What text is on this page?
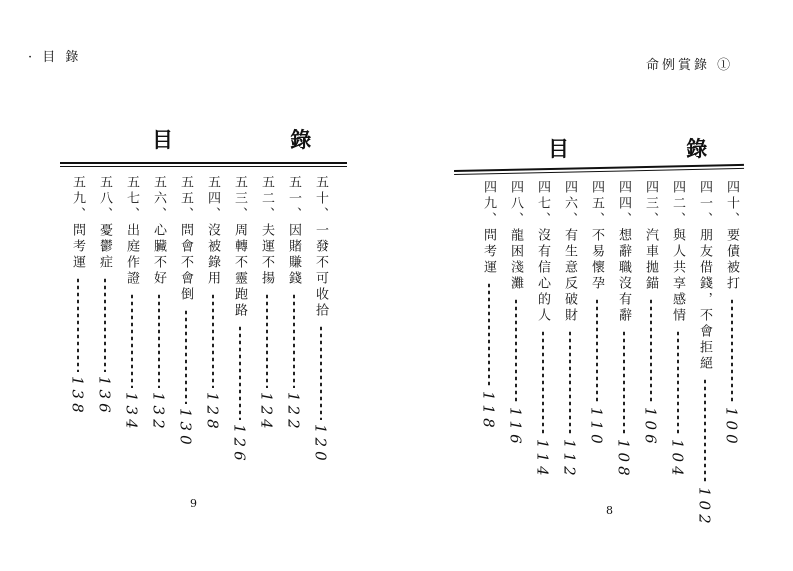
· 目 錄
目 錄
五十、一發不可收拾
120
五一、因賭賺錢
122
五二、夫運不揚
124
五三、周轉不靈跑路
126
五四、沒被錄用
128
五五、問會不會倒
130
五六、心臟不好
132
五七、出庭作證
134
五八、憂鬱症
136
五九、問考運
138
9
命例賞錄 ①
目 錄
四十、要債被打
100
四一、朋友借錢，不會拒絕
102
四二、與人共享感情
104
四三、汽車拋錨
106
四四、想辭職沒有辭
108
四五、不易懷孕
110
四六、有生意反破財
112
四七、沒有信心的人
114
四八、龍困淺灘
116
四九、問考運
118
8
